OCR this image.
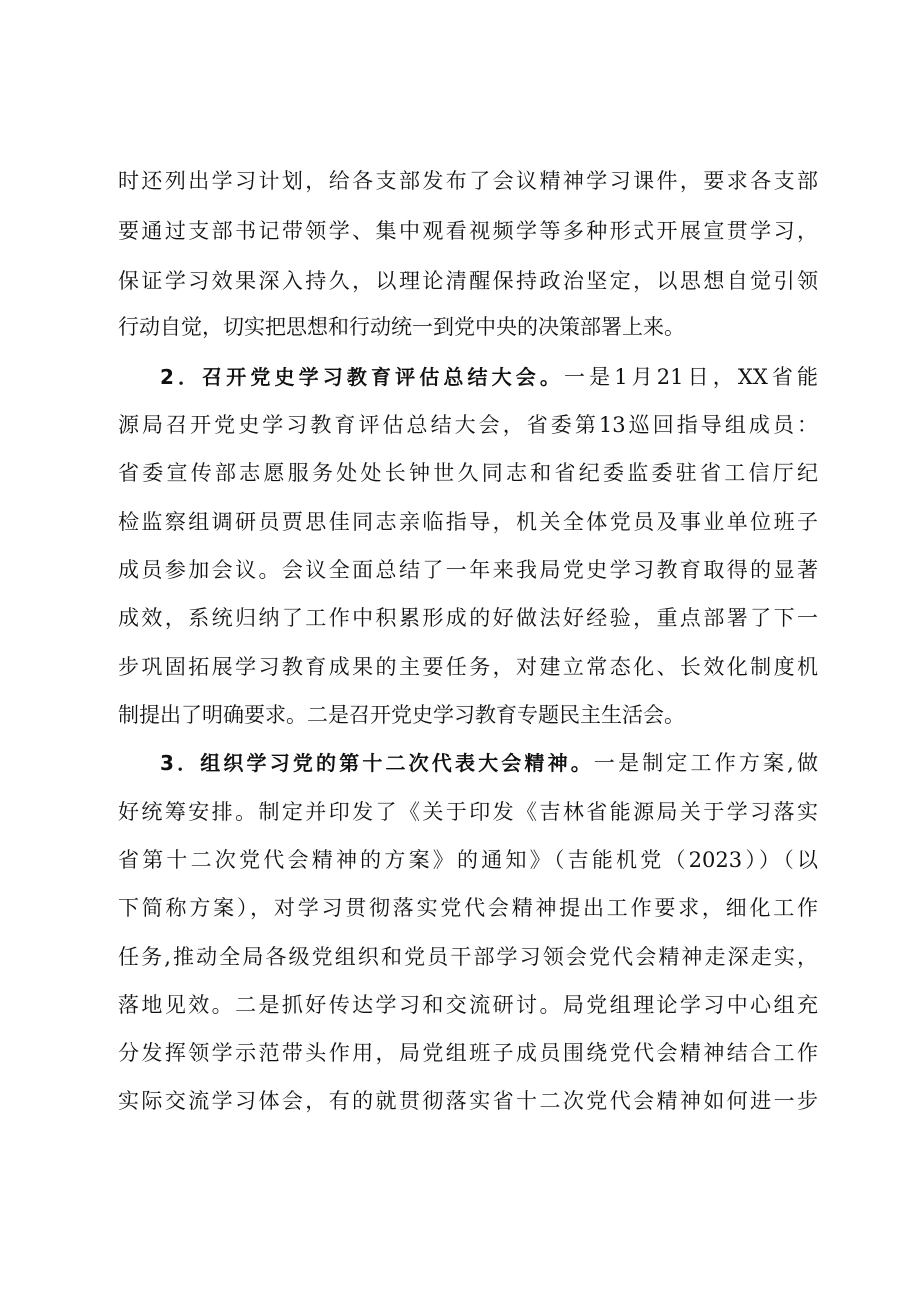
时还列出学习计划，给各支部发布了会议精神学习课件，要求各支部
要通过支部书记带领学、集中观看视频学等多种形式开展宣贯学习，
保证学习效果深入持久，以理论清醒保持政治坚定，以思想自觉引领
行动自觉，切实把思想和行动统一到党中央的决策部署上来。
2．召开党史学习教育评估总结大会。一是1月21日，XX省能
源局召开党史学习教育评估总结大会，省委第13巡回指导组成员：
省委宣传部志愿服务处处长钟世久同志和省纪委监委驻省工信厅纪
检监察组调研员贾思佳同志亲临指导，机关全体党员及事业单位班子
成员参加会议。会议全面总结了一年来我局党史学习教育取得的显著
成效，系统归纳了工作中积累形成的好做法好经验，重点部署了下一
步巩固拓展学习教育成果的主要任务，对建立常态化、长效化制度机
制提出了明确要求。二是召开党史学习教育专题民主生活会。
3．组织学习党的第十二次代表大会精神。一是制定工作方案,做
好统筹安排。制定并印发了《关于印发《吉林省能源局关于学习落实
省第十二次党代会精神的方案》的通知》（吉能机党（2023））（以
下简称方案），对学习贯彻落实党代会精神提出工作要求，细化工作
任务,推动全局各级党组织和党员干部学习领会党代会精神走深走实，
落地见效。二是抓好传达学习和交流研讨。局党组理论学习中心组充
分发挥领学示范带头作用，局党组班子成员围绕党代会精神结合工作
实际交流学习体会，有的就贯彻落实省十二次党代会精神如何进一步
